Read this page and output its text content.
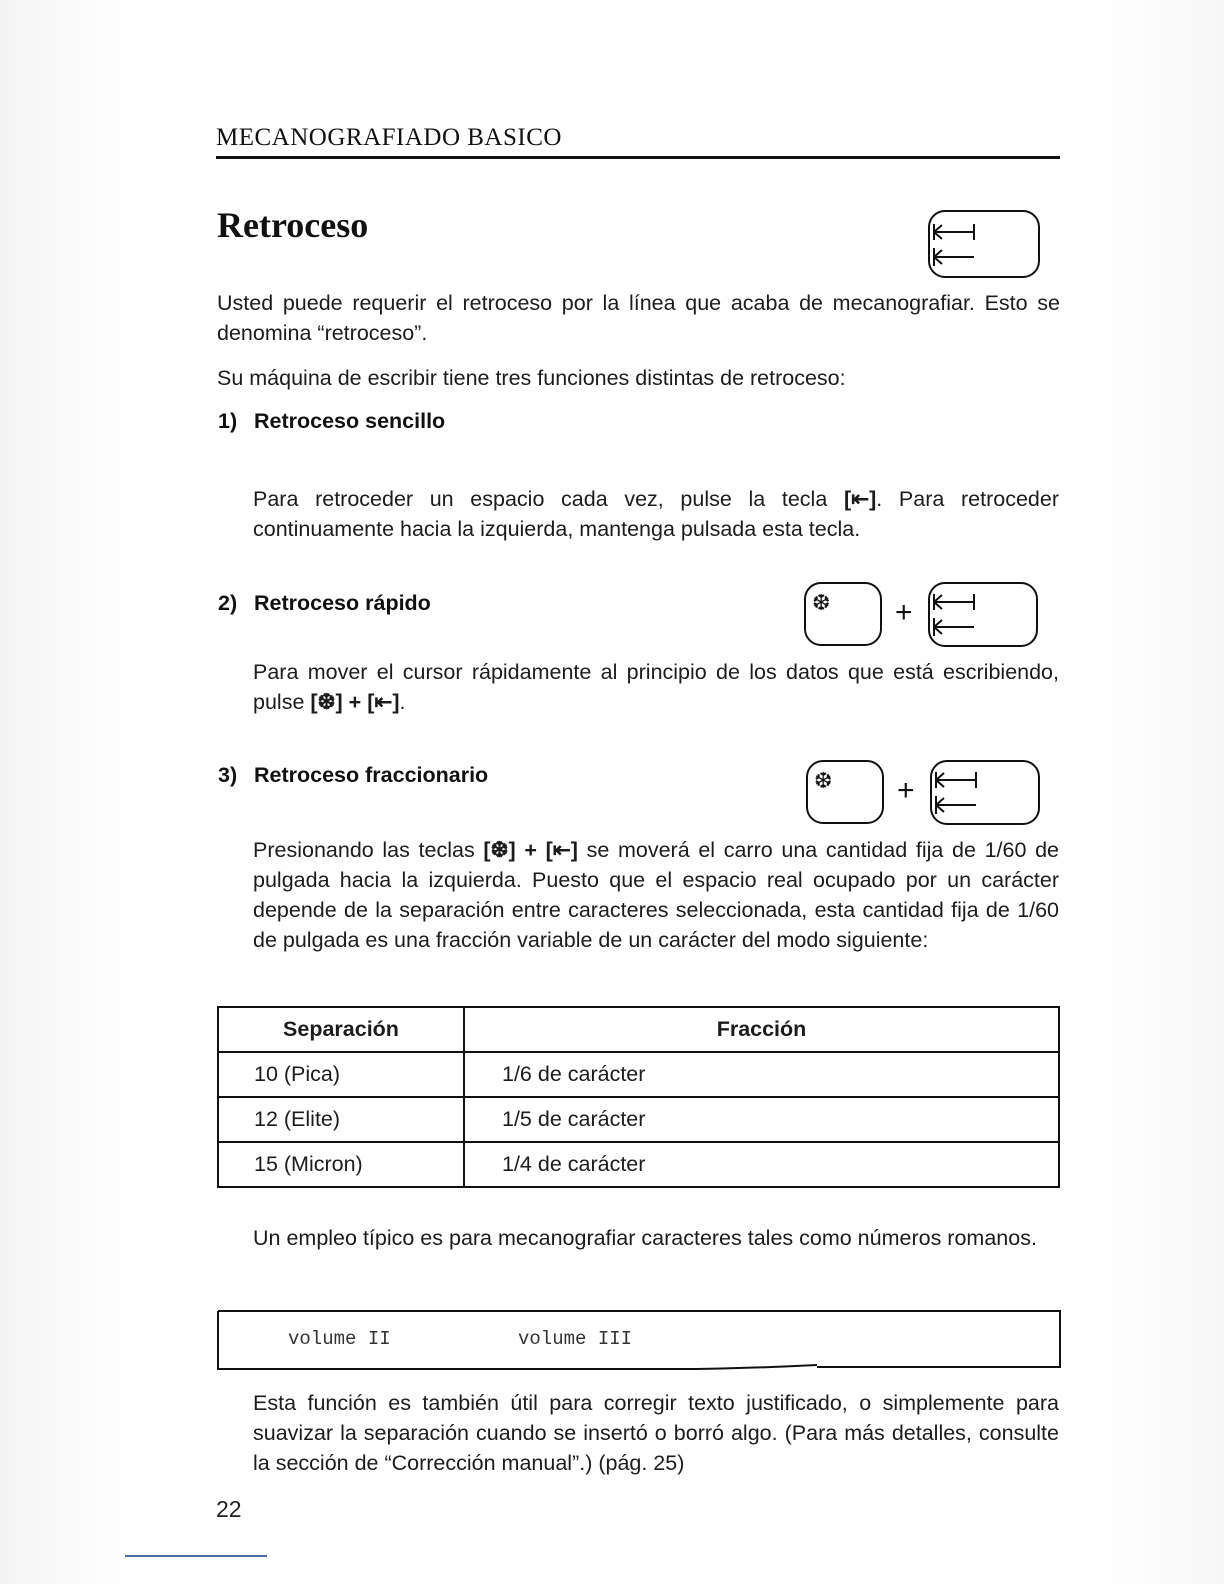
MECANOGRAFIADO BASICO
Retroceso
Usted puede requerir el retroceso por la línea que acaba de mecanografiar. Esto se denomina “retroceso”.
Su máquina de escribir tiene tres funciones distintas de retroceso:
1) Retroceso sencillo
Para retroceder un espacio cada vez, pulse la tecla [⇤]. Para retroceder continuamente hacia la izquierda, mantenga pulsada esta tecla.
2) Retroceso rápido	❆ +
Para mover el cursor rápidamente al principio de los datos que está escribiendo, pulse [❆] + [⇤].
3) Retroceso fraccionario	❆ +
Presionando las teclas [❆] + [⇤] se moverá el carro una cantidad fija de 1/60 de pulgada hacia la izquierda. Puesto que el espacio real ocupado por un carácter depende de la separación entre caracteres seleccionada, esta cantidad fija de 1/60 de pulgada es una fracción variable de un carácter del modo siguiente:
Separación	Fracción
10 (Pica)	1/6 de carácter
12 (Elite)	1/5 de carácter
15 (Micron)	1/4 de carácter
Un empleo típico es para mecanografiar caracteres tales como números romanos.
volume II	volume III
Esta función es también útil para corregir texto justificado, o simplemente para suavizar la separación cuando se insertó o borró algo. (Para más detalles, consulte la sección de “Corrección manual”.) (pág. 25)
22
